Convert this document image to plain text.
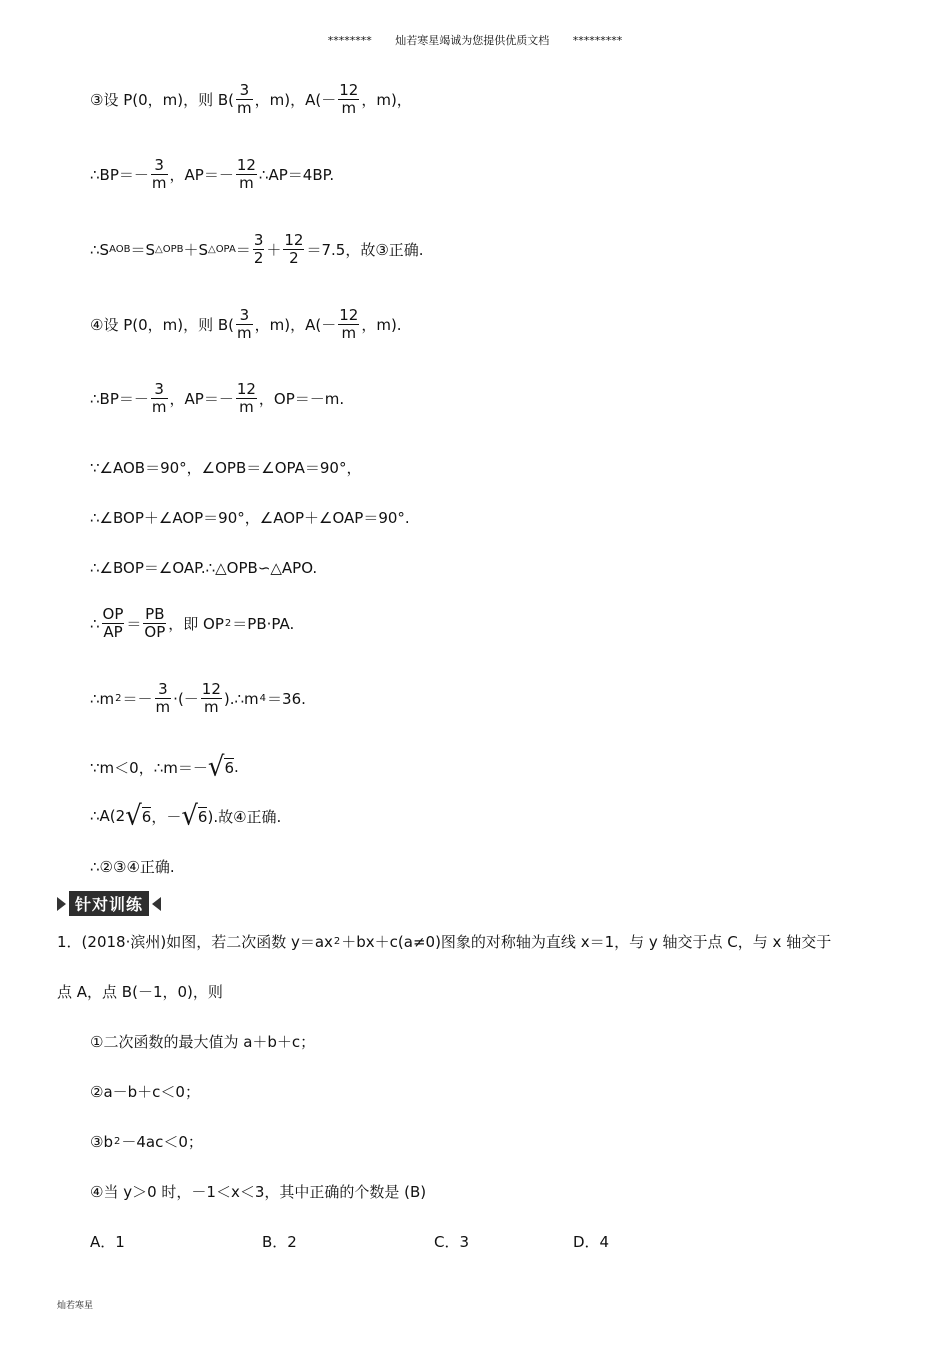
******** 灿若寒星竭诚为您提供优质文档 *********
③设 P(0，m)，则 $B( \frac{3}{m}$ ，m)，$A(- \frac{12}{m}$ ，m)，
∴BP＝－ $\frac{3}{m}$ ，$AP=- \frac{12}{m}$ ∴AP＝4BP.
∴S AOB ＝S △OPB ＋S △OPA ＝ $\frac{3}{2} + \frac{12}{2} =7.5$，故③正确.
④设 P(0，m)，则 $B( \frac{3}{m}$ ，m)，$A(- \frac{12}{m}$ ，m).
∴BP＝－ $\frac{3}{m}$ ，$AP=- \frac{12}{m}$ ，OP＝－m.
∵∠AOB＝90°，∠OPB＝∠OPA＝90°，
∴∠BOP＋∠AOP＝90°，∠AOP＋∠OAP＝90°.
∴∠BOP＝∠OAP.∴△OPB∽△APO.
∴ $\frac{OP}{AP} = \frac{PB}{OP}$ ，即 OP 2 ＝PB·PA.
∴m $2 =- \frac{3}{m}$ ·(－ $\frac{12}{m}$ ).∴m 4 ＝36.
∵m＜0，∴m＝－ √ 6 .
∴A(2 √ 6 ，－ √ 6 ).故④正确.
∴②③④正确.
针对训练
1．(2018·滨州)如图，若二次函数 y＝ax 2 ＋bx＋c(a≠0)图象的对称轴为直线 x＝1，与 y 轴交于点 C，与 x 轴交于
点 A，点 B(－1，0)，则
①二次函数的最大值为 a＋b＋c；
②a－b＋c＜0；
③b 2 －4ac＜0；
④当 y＞0 时，－1＜x＜3，其中正确的个数是 (B)
A．1	B．2	C．3	D．4
灿若寒星
